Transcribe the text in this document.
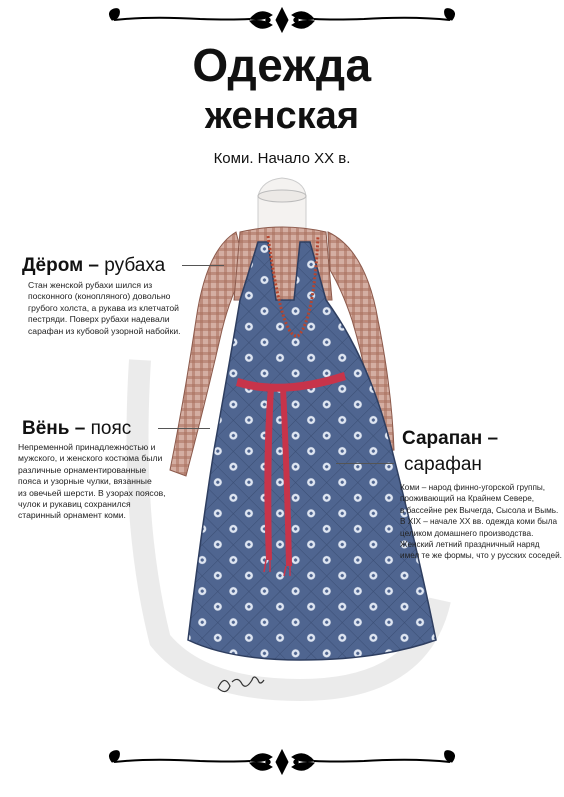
Одежда
женская
Коми. Начало XX в.
Дёром – рубаха
Стан женской рубахи шился из
посконного (конопляного) довольно
грубого холста, а рукава из клетчатой
пестряди. Поверх рубахи надевали
сарафан из кубовой узорной набойки.
Вёнь – пояс
Непременной принадлежностью и
мужского, и женского костюма были
различные орнаментированные
пояса и узорные чулки, вязанные
из овечьей шерсти. В узорах поясов,
чулок и рукавиц сохранился
старинный орнамент коми.
Сарапан –
сарафан
Коми – народ финно-угорской группы,
проживающий на Крайнем Севере,
в бассейне рек Вычегда, Сысола и Вымь.
В XIX – начале XX вв. одежда коми была
целиком домашнего производства.
Женский летний праздничный наряд
имел те же формы, что у русских соседей.
